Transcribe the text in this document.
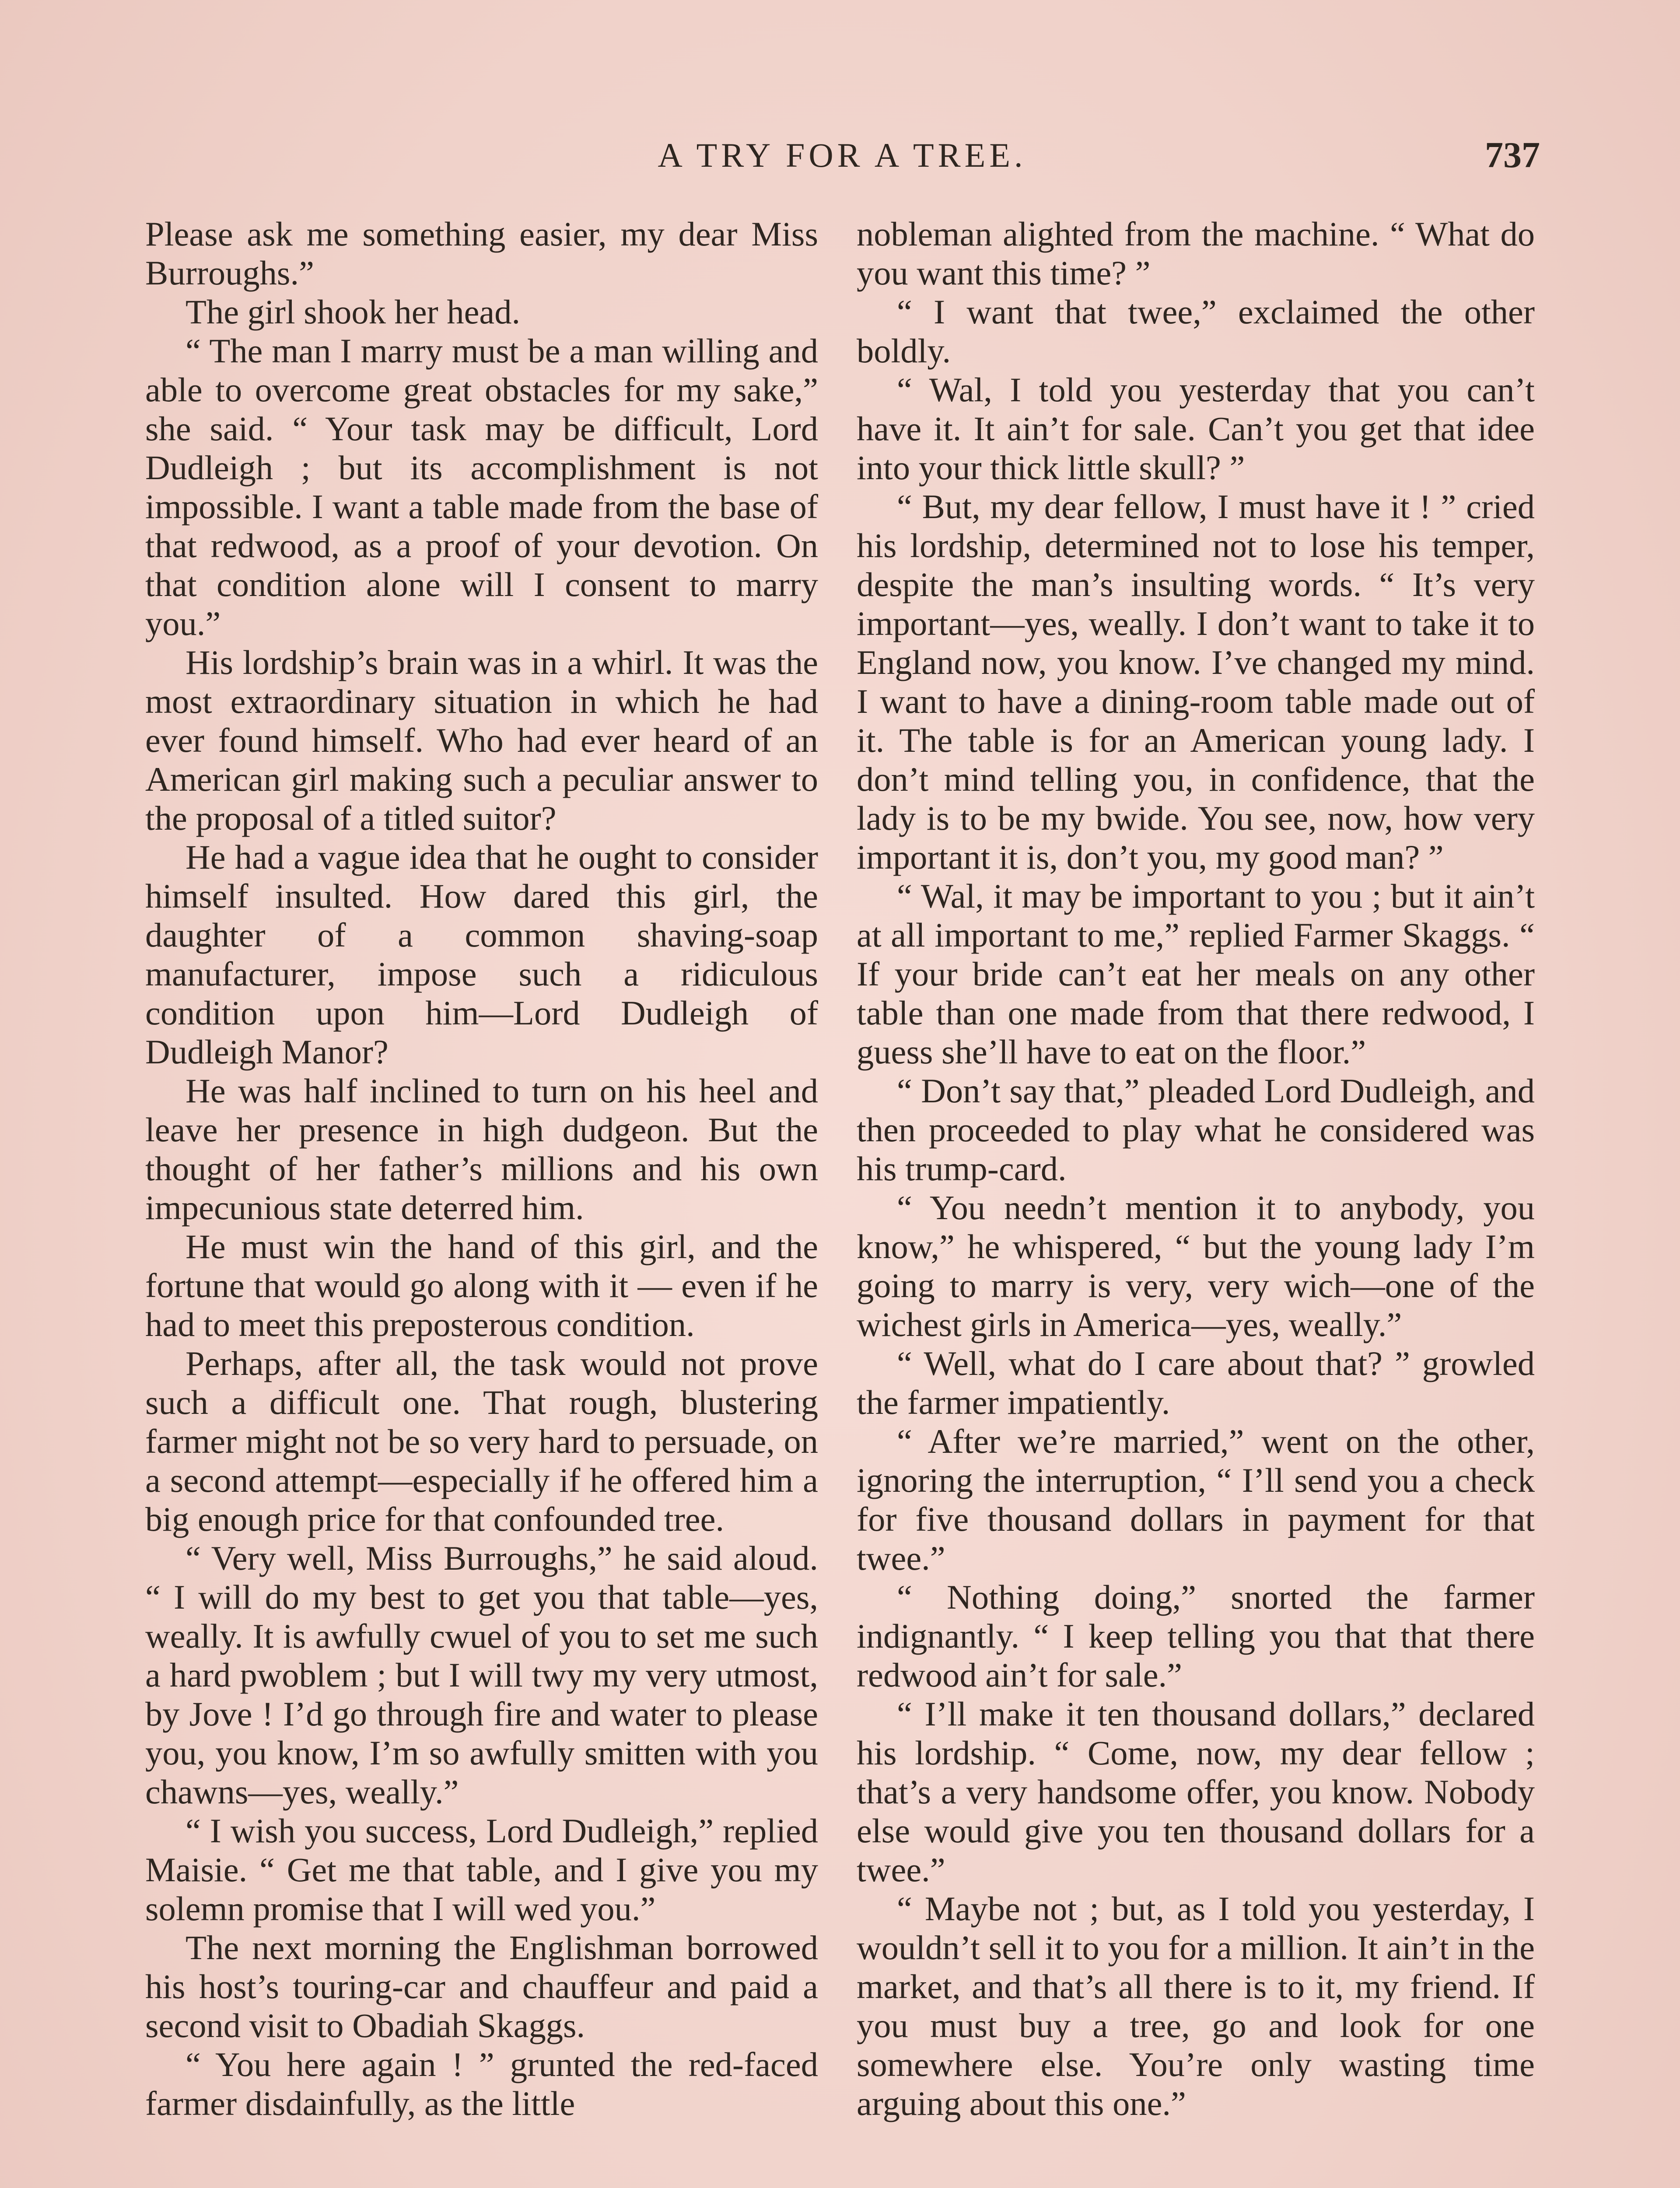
A TRY FOR A TREE.	737

Please ask me something easier, my dear Miss Burroughs.”

The girl shook her head.

“ The man I marry must be a man willing and able to overcome great obstacles for my sake,” she said. “ Your task may be difficult, Lord Dudleigh ; but its accomplishment is not impossible. I want a table made from the base of that redwood, as a proof of your devotion. On that condition alone will I consent to marry you.”

His lordship’s brain was in a whirl. It was the most extraordinary situation in which he had ever found himself. Who had ever heard of an American girl making such a peculiar answer to the proposal of a titled suitor?

He had a vague idea that he ought to consider himself insulted. How dared this girl, the daughter of a common shaving-soap manufacturer, impose such a ridiculous condition upon him—Lord Dudleigh of Dudleigh Manor?

He was half inclined to turn on his heel and leave her presence in high dudgeon. But the thought of her father’s millions and his own impecunious state deterred him.

He must win the hand of this girl, and the fortune that would go along with it — even if he had to meet this preposterous condition.

Perhaps, after all, the task would not prove such a difficult one. That rough, blustering farmer might not be so very hard to persuade, on a second attempt—especially if he offered him a big enough price for that confounded tree.

“ Very well, Miss Burroughs,” he said aloud. “ I will do my best to get you that table—yes, weally. It is awfully cwuel of you to set me such a hard pwoblem ; but I will twy my very utmost, by Jove ! I’d go through fire and water to please you, you know, I’m so awfully smitten with you chawns—yes, weally.”

“ I wish you success, Lord Dudleigh,” replied Maisie. “ Get me that table, and I give you my solemn promise that I will wed you.”

The next morning the Englishman borrowed his host’s touring-car and chauffeur and paid a second visit to Obadiah Skaggs.

“ You here again ! ” grunted the red-faced farmer disdainfully, as the little

nobleman alighted from the machine. “ What do you want this time? ”

“ I want that twee,” exclaimed the other boldly.

“ Wal, I told you yesterday that you can’t have it. It ain’t for sale. Can’t you get that idee into your thick little skull? ”

“ But, my dear fellow, I must have it ! ” cried his lordship, determined not to lose his temper, despite the man’s insulting words. “ It’s very important—yes, weally. I don’t want to take it to England now, you know. I’ve changed my mind. I want to have a dining-room table made out of it. The table is for an American young lady. I don’t mind telling you, in confidence, that the lady is to be my bwide. You see, now, how very important it is, don’t you, my good man? ”

“ Wal, it may be important to you ; but it ain’t at all important to me,” replied Farmer Skaggs. “ If your bride can’t eat her meals on any other table than one made from that there redwood, I guess she’ll have to eat on the floor.”

“ Don’t say that,” pleaded Lord Dudleigh, and then proceeded to play what he considered was his trump-card.

“ You needn’t mention it to anybody, you know,” he whispered, “ but the young lady I’m going to marry is very, very wich—one of the wichest girls in America—yes, weally.”

“ Well, what do I care about that? ” growled the farmer impatiently.

“ After we’re married,” went on the other, ignoring the interruption, “ I’ll send you a check for five thousand dollars in payment for that twee.”

“ Nothing doing,” snorted the farmer indignantly. “ I keep telling you that that there redwood ain’t for sale.”

“ I’ll make it ten thousand dollars,” declared his lordship. “ Come, now, my dear fellow ; that’s a very handsome offer, you know. Nobody else would give you ten thousand dollars for a twee.”

“ Maybe not ; but, as I told you yesterday, I wouldn’t sell it to you for a million. It ain’t in the market, and that’s all there is to it, my friend. If you must buy a tree, go and look for one somewhere else. You’re only wasting time arguing about this one.”
